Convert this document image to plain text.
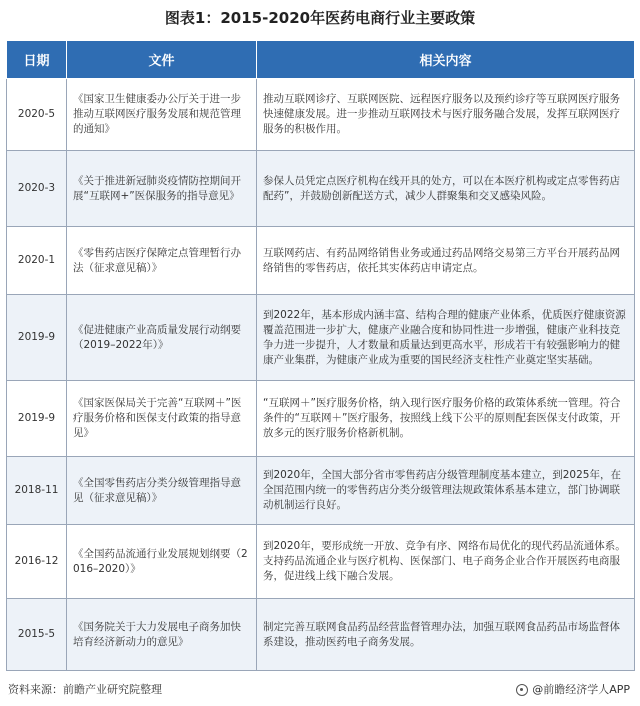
图表1：2015-2020年医药电商行业主要政策
日期	文件	相关内容
2020-5	《国家卫生健康委办公厅关于进一步推动互联网医疗服务发展和规范管理的通知》	推动互联网诊疗、互联网医院、远程医疗服务以及预约诊疗等互联网医疗服务快速健康发展。进一步推动互联网技术与医疗服务融合发展，发挥互联网医疗服务的积极作用。
2020-3	《关于推进新冠肺炎疫情防控期间开展“互联网+”医保服务的指导意见》	参保人员凭定点医疗机构在线开具的处方，可以在本医疗机构或定点零售药店配药”，并鼓励创新配送方式，减少人群聚集和交叉感染风险。
2020-1	《零售药店医疗保障定点管理暂行办法（征求意见稿）》	互联网药店、有药品网络销售业务或通过药品网络交易第三方平台开展药品网络销售的零售药店，依托其实体药店申请定点。
2019-9	《促进健康产业高质量发展行动纲要（2019–2022年）》	到2022年，基本形成内涵丰富、结构合理的健康产业体系，优质医疗健康资源覆盖范围进一步扩大，健康产业融合度和协同性进一步增强，健康产业科技竞争力进一步提升，人才数量和质量达到更高水平，形成若干有较强影响力的健康产业集群，为健康产业成为重要的国民经济支柱性产业奠定坚实基础。
2019-9	《国家医保局关于完善“互联网＋”医疗服务价格和医保支付政策的指导意见》	“互联网＋”医疗服务价格，纳入现行医疗服务价格的政策体系统一管理。符合条件的“互联网＋”医疗服务，按照线上线下公平的原则配套医保支付政策，开放多元的医疗服务价格新机制。
2018-11	《全国零售药店分类分级管理指导意见（征求意见稿）》	到2020年，全国大部分省市零售药店分级管理制度基本建立，到2025年，在全国范围内统一的零售药店分类分级管理法规政策体系基本建立，部门协调联动机制运行良好。
2016-12	《全国药品流通行业发展规划纲要（2016–2020）》	到2020年，要形成统一开放、竞争有序、网络布局优化的现代药品流通体系。支持药品流通企业与医疗机构、医保部门、电子商务企业合作开展医药电商服务，促进线上线下融合发展。
2015-5	《国务院关于大力发展电子商务加快培育经济新动力的意见》	制定完善互联网食品药品经营监督管理办法，加强互联网食品药品市场监督体系建设，推动医药电子商务发展。
资料来源：前瞻产业研究院整理	@前瞻经济学人APP
